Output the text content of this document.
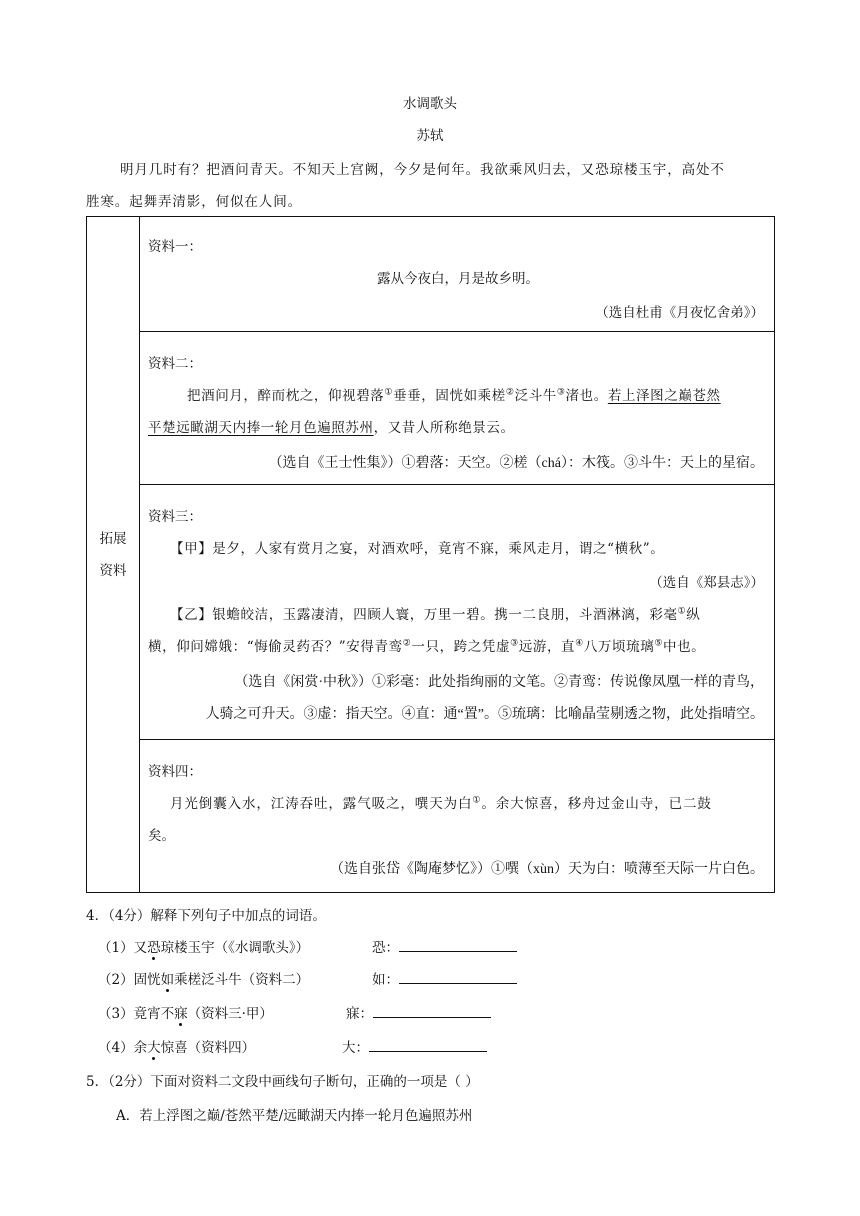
水调歌头
苏轼
明月几时有？把酒问青天。不知天上宫阙，今夕是何年。我欲乘风归去，又恐琼楼玉宇，高处不
胜寒。起舞弄清影，何似在人间。
拓展
资料

资料一：
露从今夜白，月是故乡明。
（选自杜甫《月夜忆舍弟》）

资料二：
把酒问月，醉而枕之，仰视碧落①垂垂，固恍如乘槎②泛斗牛③渚也。若上泽图之巅苍然
平楚远瞰湖天内捧一轮月色遍照苏州，又昔人所称绝景云。
（选自《王士性集》）①碧落：天空。②槎（chá）：木筏。③斗牛：天上的星宿。

资料三：
【甲】是夕，人家有赏月之宴，对酒欢呼，竟宵不寐，乘风走月，谓之“横秋”。
（选自《郑县志》）
【乙】银蟾皎洁，玉露凄清，四顾人寰，万里一碧。携一二良朋，斗酒淋漓，彩毫①纵
横，仰问嫦娥：“悔偷灵药否？”安得青鸾②一只，跨之凭虚③远游，直④八万顷琉璃⑤中也。
（选自《闲赏·中秋》）①彩毫：此处指绚丽的文笔。②青鸾：传说像凤凰一样的青鸟，
人骑之可升天。③虚：指天空。④直：通“置”。⑤琉璃：比喻晶莹剔透之物，此处指晴空。

资料四：
月光倒囊入水，江涛吞吐，露气吸之，噀天为白①。余大惊喜，移舟过金山寺，已二鼓
矣。
（选自张岱《陶庵梦忆》）①噀（xùn）天为白：喷薄至天际一片白色。
4．（4分）解释下列句子中加点的词语。
（1）又恐琼楼玉宇（《水调歌头》）	恐：
（2）固恍如乘槎泛斗牛（资料二）	如：
（3）竟宵不寐（资料三·甲）	寐：
（4）余大惊喜（资料四）	大：
5．（2分）下面对资料二文段中画线句子断句，正确的一项是（ ）
A．若上浮图之巅/苍然平楚/远瞰湖天内捧一轮月色遍照苏州
